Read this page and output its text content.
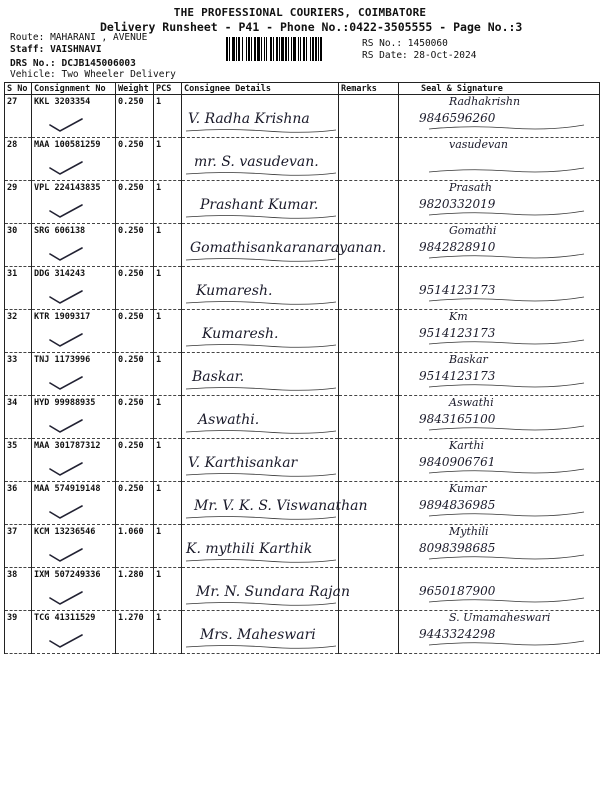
THE PROFESSIONAL COURIERS, COIMBATORE
Delivery Runsheet - P41 - Phone No.:0422-3505555 - Page No.:3
Route: MAHARANI , AVENUE
Staff: VAISHNAVI
DRS No.: DCJB145006003
Vehicle: Two Wheeler Delivery
RS No.: 1450060
RS Date: 28-Oct-2024
S No	Consignment No	Weight	PCS	Consignee Details	Remarks	Seal & Signature
27	KKL 3203354	0.250	1	V. Radha Krishna		Radhakrishn
9846596260

28	MAA 100581259	0.250	1	mr. S. vasudevan.		vasudevan

29	VPL 224143835	0.250	1	Prashant Kumar.		Prasath
9820332019

30	SRG 606138	0.250	1	Gomathisankaranarayanan.		Gomathi
9842828910

31	DDG 314243	0.250	1	Kumaresh.		9514123173

32	KTR 1909317	0.250	1	Kumaresh.		Km
9514123173

33	TNJ 1173996	0.250	1	Baskar.		Baskar
9514123173

34	HYD 99988935	0.250	1	Aswathi.		Aswathi
9843165100

35	MAA 301787312	0.250	1	V. Karthisankar		Karthi
9840906761

36	MAA 574919148	0.250	1	Mr. V. K. S. Viswanathan		Kumar
9894836985

37	KCM 13236546	1.060	1	K. mythili Karthik		Mythili
8098398685

38	IXM 507249336	1.280	1	Mr. N. Sundara Rajan		9650187900

39	TCG 41311529	1.270	1	Mrs. Maheswari		S. Umamaheswari
9443324298
